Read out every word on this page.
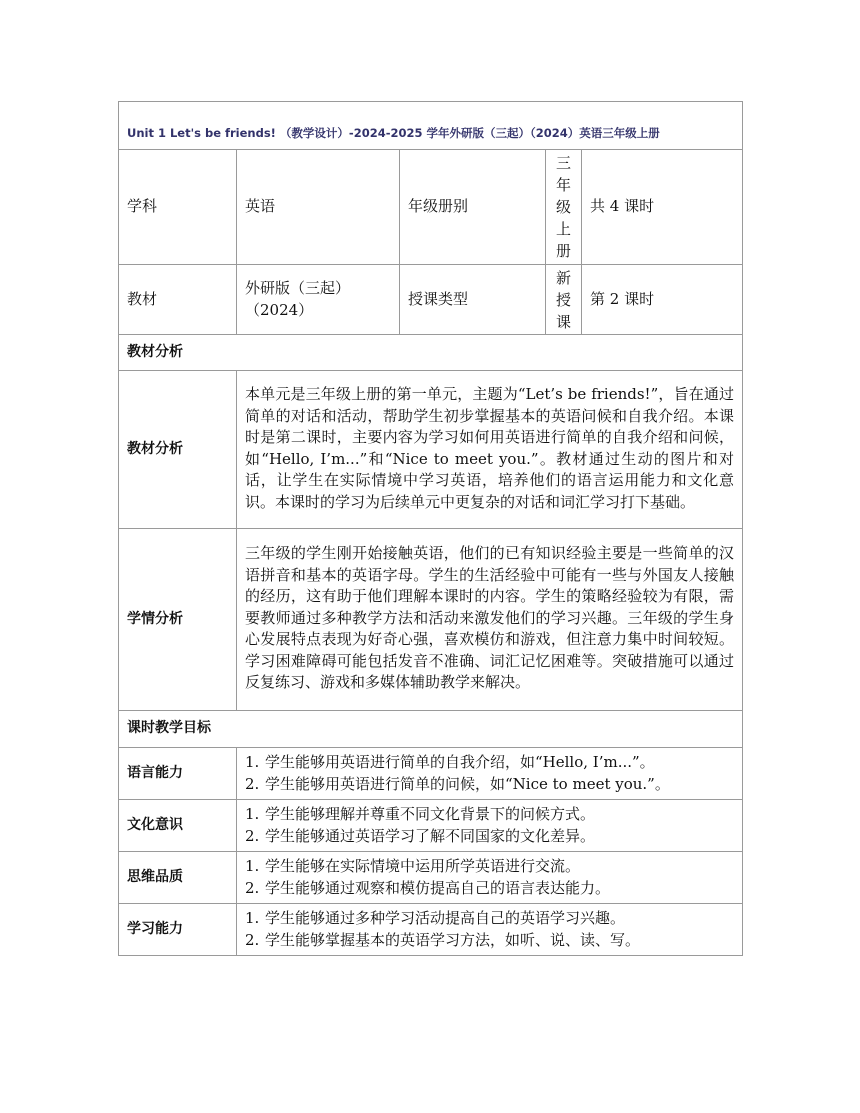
Unit 1 Let's be friends! （教学设计）-2024-2025 学年外研版（三起）（2024）英语三年级上册				
学科	英语	年级册别	三年级上册	共 4 课时
教材	外研版（三起）（2024）	授课类型	新授课	第 2 课时
教材分析				
教材分析	本单元是三年级上册的第一单元，主题为“Let’s be friends!”，旨在通过简单的对话和活动，帮助学生初步掌握基本的英语问候和自我介绍。本课时是第二课时，主要内容为学习如何用英语进行简单的自我介绍和问候，如“Hello, I’m...”和“Nice to meet you.”。教材通过生动的图片和对话，让学生在实际情境中学习英语，培养他们的语言运用能力和文化意识。本课时的学习为后续单元中更复杂的对话和词汇学习打下基础。			
学情分析	三年级的学生刚开始接触英语，他们的已有知识经验主要是一些简单的汉语拼音和基本的英语字母。学生的生活经验中可能有一些与外国友人接触的经历，这有助于他们理解本课时的内容。学生的策略经验较为有限，需要教师通过多种教学方法和活动来激发他们的学习兴趣。三年级的学生身心发展特点表现为好奇心强，喜欢模仿和游戏，但注意力集中时间较短。学习困难障碍可能包括发音不准确、词汇记忆困难等。突破措施可以通过反复练习、游戏和多媒体辅助教学来解决。			
课时教学目标				
语言能力	1. 学生能够用英语进行简单的自我介绍，如“Hello, I’m...”。
2. 学生能够用英语进行简单的问候，如“Nice to meet you.”。			

文化意识	1. 学生能够理解并尊重不同文化背景下的问候方式。
2. 学生能够通过英语学习了解不同国家的文化差异。			

思维品质	1. 学生能够在实际情境中运用所学英语进行交流。
2. 学生能够通过观察和模仿提高自己的语言表达能力。			

学习能力	1. 学生能够通过多种学习活动提高自己的英语学习兴趣。
2. 学生能够掌握基本的英语学习方法，如听、说、读、写。			
